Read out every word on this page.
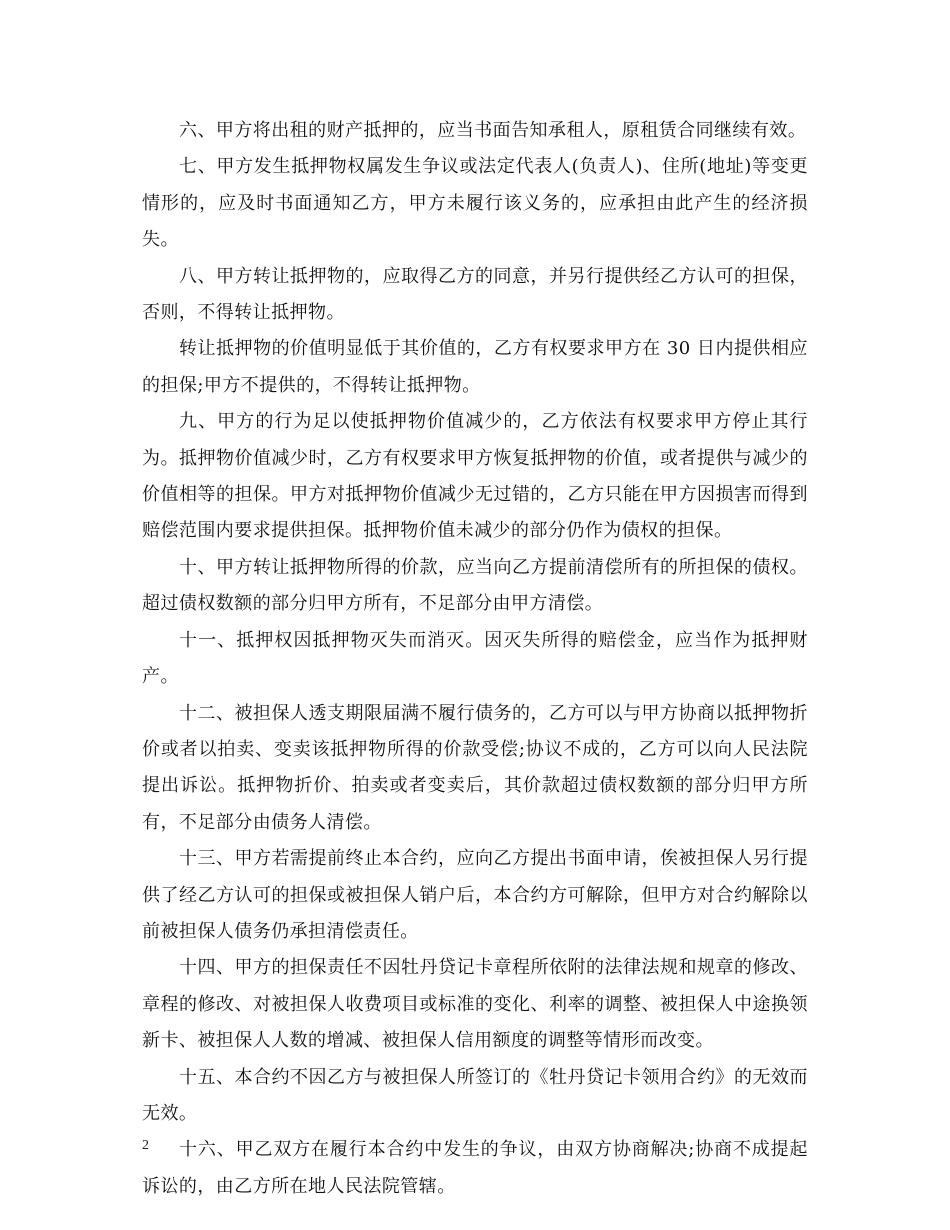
六、甲方将出租的财产抵押的，应当书面告知承租人，原租赁合同继续有效。

七、甲方发生抵押物权属发生争议或法定代表人(负责人)、住所(地址)等变更情形的，应及时书面通知乙方，甲方未履行该义务的，应承担由此产生的经济损失。

八、甲方转让抵押物的，应取得乙方的同意，并另行提供经乙方认可的担保，否则，不得转让抵押物。

转让抵押物的价值明显低于其价值的，乙方有权要求甲方在 30 日内提供相应的担保;甲方不提供的，不得转让抵押物。

九、甲方的行为足以使抵押物价值减少的，乙方依法有权要求甲方停止其行为。抵押物价值减少时，乙方有权要求甲方恢复抵押物的价值，或者提供与减少的价值相等的担保。甲方对抵押物价值减少无过错的，乙方只能在甲方因损害而得到赔偿范围内要求提供担保。抵押物价值未减少的部分仍作为债权的担保。

十、甲方转让抵押物所得的价款，应当向乙方提前清偿所有的所担保的债权。超过债权数额的部分归甲方所有，不足部分由甲方清偿。

十一、抵押权因抵押物灭失而消灭。因灭失所得的赔偿金，应当作为抵押财产。

十二、被担保人透支期限届满不履行债务的，乙方可以与甲方协商以抵押物折价或者以拍卖、变卖该抵押物所得的价款受偿;协议不成的，乙方可以向人民法院提出诉讼。抵押物折价、拍卖或者变卖后，其价款超过债权数额的部分归甲方所有，不足部分由债务人清偿。

十三、甲方若需提前终止本合约，应向乙方提出书面申请，俟被担保人另行提供了经乙方认可的担保或被担保人销户后，本合约方可解除，但甲方对合约解除以前被担保人债务仍承担清偿责任。

十四、甲方的担保责任不因牡丹贷记卡章程所依附的法律法规和规章的修改、章程的修改、对被担保人收费项目或标准的变化、利率的调整、被担保人中途换领新卡、被担保人人数的增减、被担保人信用额度的调整等情形而改变。

十五、本合约不因乙方与被担保人所签订的《牡丹贷记卡领用合约》的无效而无效。

十六、甲乙双方在履行本合约中发生的争议，由双方协商解决;协商不成提起诉讼的，由乙方所在地人民法院管辖。

2
